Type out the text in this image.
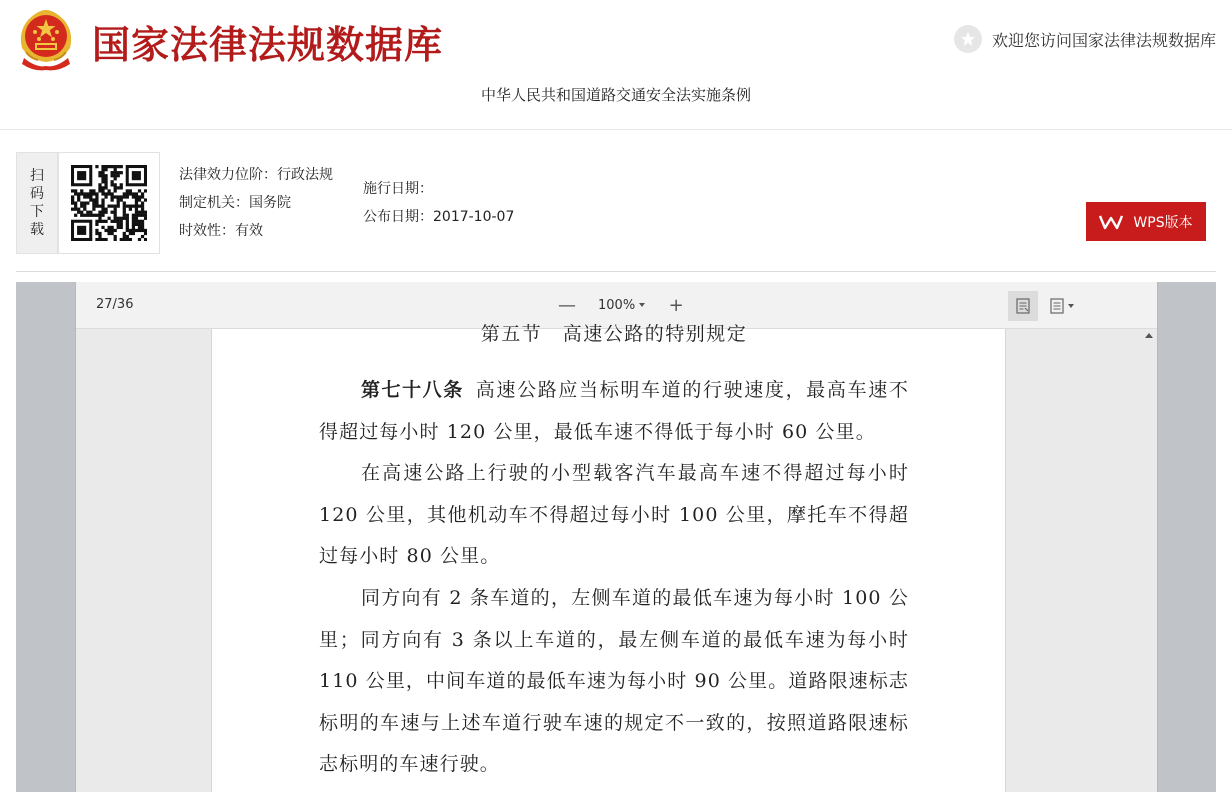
国家法律法规数据库	欢迎您访问国家法律法规数据库
中华人民共和国道路交通安全法实施条例
扫
码
下
载
法律效力位阶：行政法规
制定机关：国务院
时效性：有效
施行日期：
公布日期：2017-10-07	WPS版本
27/36	— 100% +
第五节　高速公路的特别规定

第七十八条 高速公路应当标明车道的行驶速度，最高车速不得超过每小时 120 公里，最低车速不得低于每小时 60 公里。

在高速公路上行驶的小型载客汽车最高车速不得超过每小时 120 公里，其他机动车不得超过每小时 100 公里，摩托车不得超过每小时 80 公里。

同方向有 2 条车道的，左侧车道的最低车速为每小时 100 公里；同方向有 3 条以上车道的，最左侧车道的最低车速为每小时 110 公里，中间车道的最低车速为每小时 90 公里。道路限速标志标明的车速与上述车道行驶车速的规定不一致的，按照道路限速标志标明的车速行驶。
